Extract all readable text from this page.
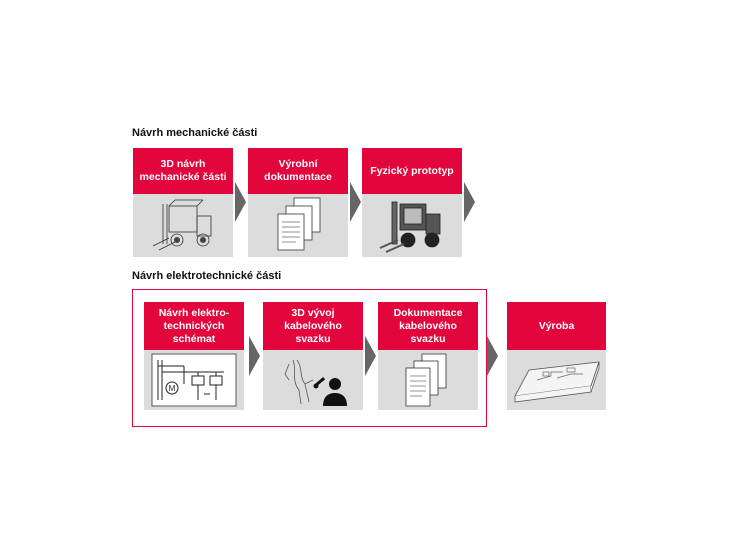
Návrh mechanické části
3D návrh mechanické části
Výrobní dokumentace
Fyzický prototyp
Návrh elektrotechnické části
Návrh elektro-technických schémat
M
3D vývoj kabelového svazku
Dokumentace kabelového svazku
Výroba
